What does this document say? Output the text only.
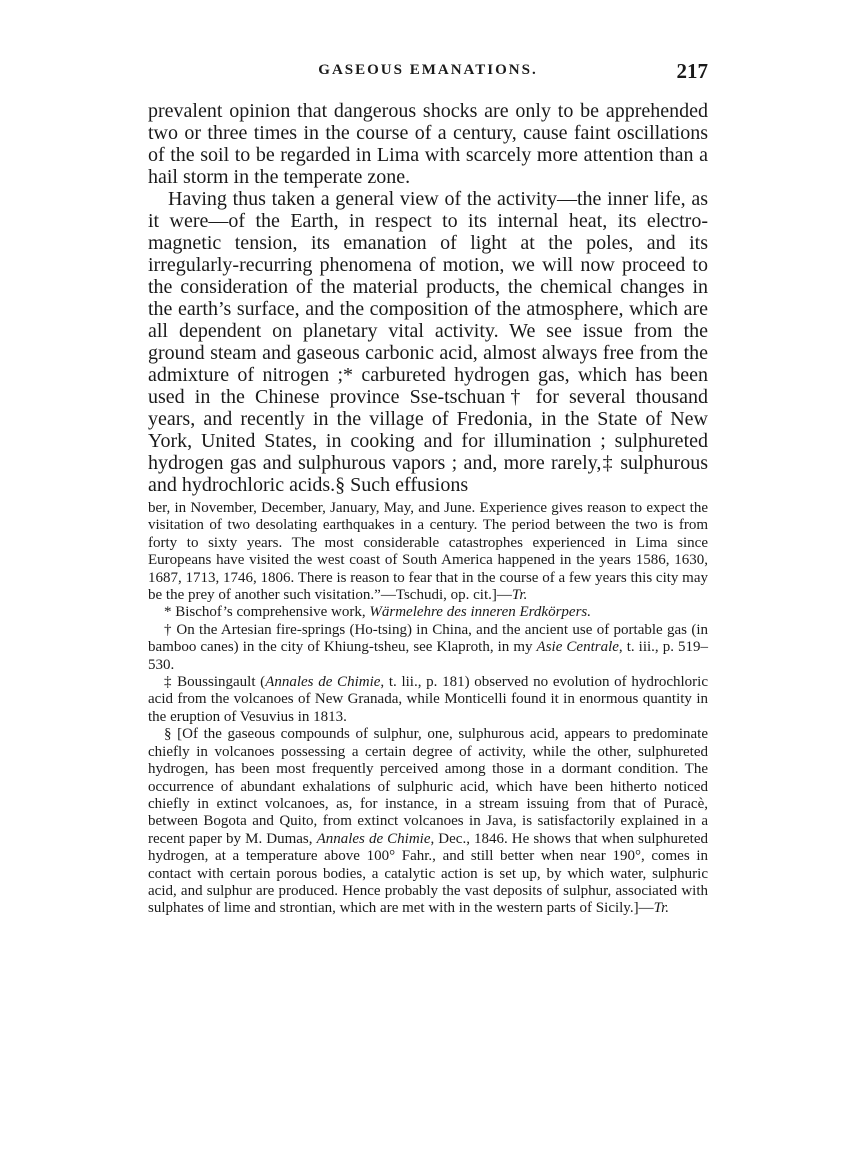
GASEOUS EMANATIONS.	217

prevalent opinion that dangerous shocks are only to be apprehended two or three times in the course of a century, cause faint oscillations of the soil to be regarded in Lima with scarcely more attention than a hail storm in the temperate zone.

Having thus taken a general view of the activity—the inner life, as it were—of the Earth, in respect to its internal heat, its electro-magnetic tension, its emanation of light at the poles, and its irregularly-recurring phenomena of motion, we will now proceed to the consideration of the material products, the chemical changes in the earth’s surface, and the composition of the atmosphere, which are all dependent on planetary vital activity. We see issue from the ground steam and gaseous carbonic acid, almost always free from the admixture of nitrogen ;* carbureted hydrogen gas, which has been used in the Chinese province Sse-tschuan† for several thousand years, and recently in the village of Fredonia, in the State of New York, United States, in cooking and for illumination ; sulphureted hydrogen gas and sulphurous vapors ; and, more rarely,‡ sulphurous and hydrochloric acids.§ Such effusions

ber, in November, December, January, May, and June. Experience gives reason to expect the visitation of two desolating earthquakes in a century. The period between the two is from forty to sixty years. The most considerable catastrophes experienced in Lima since Europeans have visited the west coast of South America happened in the years 1586, 1630, 1687, 1713, 1746, 1806. There is reason to fear that in the course of a few years this city may be the prey of another such visitation.”—Tschudi, op. cit.]—Tr.

* Bischof’s comprehensive work, Wärmelehre des inneren Erdkörpers.

† On the Artesian fire-springs (Ho-tsing) in China, and the ancient use of portable gas (in bamboo canes) in the city of Khiung-tsheu, see Klaproth, in my Asie Centrale, t. iii., p. 519–530.

‡ Boussingault (Annales de Chimie, t. lii., p. 181) observed no evolution of hydrochloric acid from the volcanoes of New Granada, while Monticelli found it in enormous quantity in the eruption of Vesuvius in 1813.

§ [Of the gaseous compounds of sulphur, one, sulphurous acid, appears to predominate chiefly in volcanoes possessing a certain degree of activity, while the other, sulphureted hydrogen, has been most frequently perceived among those in a dormant condition. The occurrence of abundant exhalations of sulphuric acid, which have been hitherto noticed chiefly in extinct volcanoes, as, for instance, in a stream issuing from that of Puracè, between Bogota and Quito, from extinct volcanoes in Java, is satisfactorily explained in a recent paper by M. Dumas, Annales de Chimie, Dec., 1846. He shows that when sulphureted hydrogen, at a temperature above 100° Fahr., and still better when near 190°, comes in contact with certain porous bodies, a catalytic action is set up, by which water, sulphuric acid, and sulphur are produced. Hence probably the vast deposits of sulphur, associated with sulphates of lime and strontian, which are met with in the western parts of Sicily.]—Tr.
